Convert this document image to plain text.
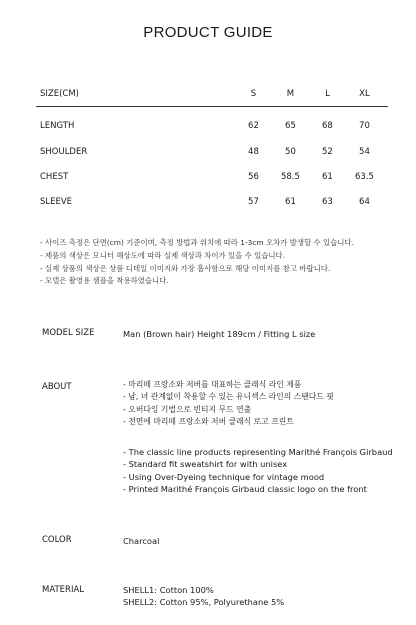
PRODUCT GUIDE
SIZE(CM)	S	M	L	XL
LENGTH	62	65	68	70
SHOULDER	48	50	52	54
CHEST	56	58.5	61	63.5
SLEEVE	57	61	63	64
- 사이즈 측정은 단면(cm) 기준이며, 측정 방법과 위치에 따라 1-3cm 오차가 발생할 수 있습니다.
- 제품의 색상은 모니터 해상도에 따라 실제 색상과 차이가 있을 수 있습니다.
- 실제 상품의 색상은 상품 디테일 이미지와 가장 흡사함으로 해당 이미지를 참고 바랍니다.
- 모델은 촬영용 샘플을 착용하였습니다.
MODEL SIZE	Man (Brown hair) Height 189cm / Fitting L size
ABOUT	- 마리떼 프랑소와 저버를 대표하는 클래식 라인 제품
- 남, 녀 관계없이 착용할 수 있는 유니섹스 라인의 스탠다드 핏
- 오버다잉 기법으로 빈티지 무드 연출
- 전면에 마리떼 프랑소와 저버 클래식 로고 프린트
- The classic line products representing Marithé François Girbaud
- Standard fit sweatshirt for with unisex
- Using Over-Dyeing technique for vintage mood
- Printed Marithé François Girbaud classic logo on the front
COLOR	Charcoal
MATERIAL	SHELL1: Cotton 100%
SHELL2: Cotton 95%, Polyurethane 5%
